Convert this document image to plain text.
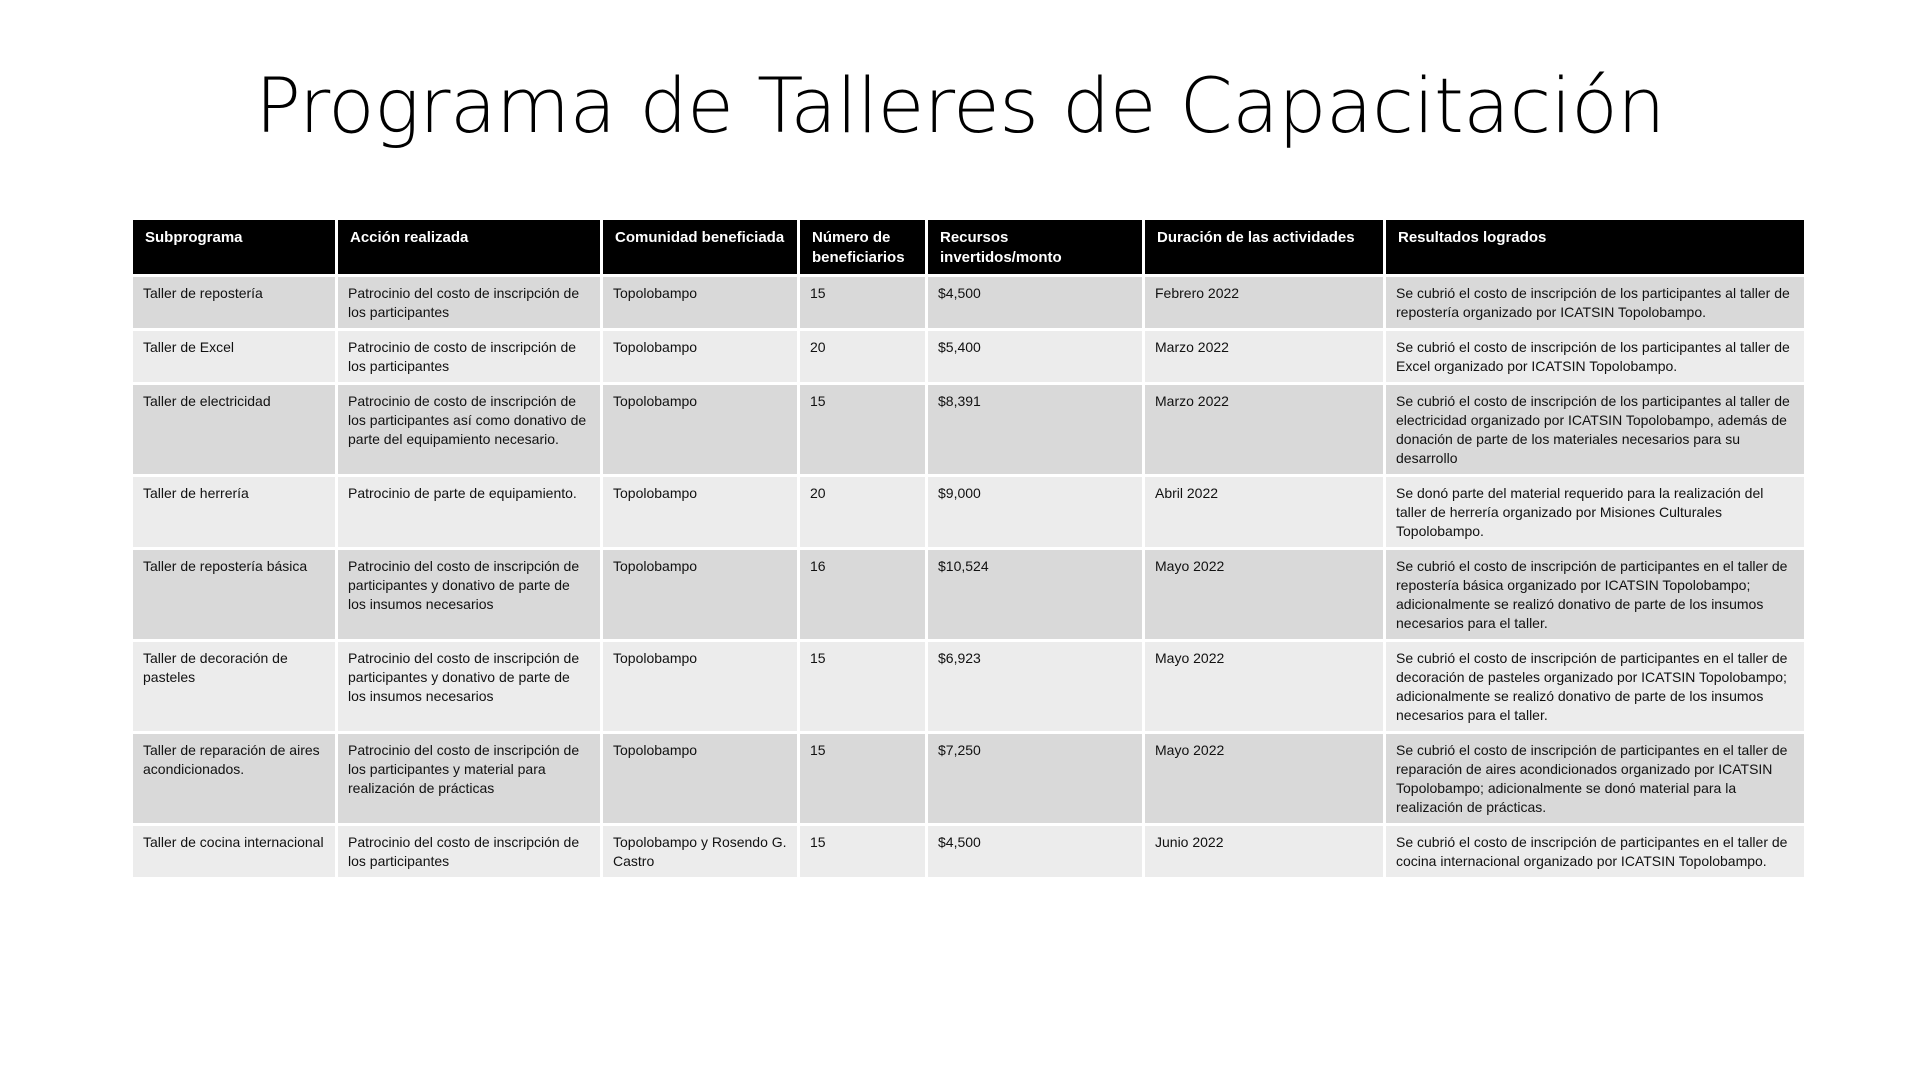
Programa de Talleres de Capacitación
Subprograma	Acción realizada	Comunidad beneficiada	Número de beneficiarios	Recursos invertidos/monto	Duración de las actividades	Resultados logrados
Taller de repostería	Patrocinio del costo de inscripción de los participantes	Topolobampo	15	$4,500	Febrero 2022	Se cubrió el costo de inscripción de los participantes al taller de repostería organizado por ICATSIN Topolobampo.
Taller de Excel	Patrocinio de costo de inscripción de los participantes	Topolobampo	20	$5,400	Marzo 2022	Se cubrió el costo de inscripción de los participantes al taller de Excel organizado por ICATSIN Topolobampo.
Taller de electricidad	Patrocinio de costo de inscripción de los participantes así como donativo de parte del equipamiento necesario.	Topolobampo	15	$8,391	Marzo 2022	Se cubrió el costo de inscripción de los participantes al taller de electricidad organizado por ICATSIN Topolobampo, además de donación de parte de los materiales necesarios para su desarrollo
Taller de herrería	Patrocinio de parte de equipamiento.	Topolobampo	20	$9,000	Abril 2022	Se donó parte del material requerido para la realización del taller de herrería organizado por Misiones Culturales Topolobampo.
Taller de repostería básica	Patrocinio del costo de inscripción de participantes y donativo de parte de los insumos necesarios	Topolobampo	16	$10,524	Mayo 2022	Se cubrió el costo de inscripción de participantes en el taller de repostería básica organizado por ICATSIN Topolobampo; adicionalmente se realizó donativo de parte de los insumos necesarios para el taller.
Taller de decoración de pasteles	Patrocinio del costo de inscripción de participantes y donativo de parte de los insumos necesarios	Topolobampo	15	$6,923	Mayo 2022	Se cubrió el costo de inscripción de participantes en el taller de decoración de pasteles organizado por ICATSIN Topolobampo; adicionalmente se realizó donativo de parte de los insumos necesarios para el taller.
Taller de reparación de aires acondicionados.	Patrocinio del costo de inscripción de los participantes y material para realización de prácticas	Topolobampo	15	$7,250	Mayo 2022	Se cubrió el costo de inscripción de participantes en el taller de reparación de aires acondicionados organizado por ICATSIN Topolobampo; adicionalmente se donó material para la realización de prácticas.
Taller de cocina internacional	Patrocinio del costo de inscripción de los participantes	Topolobampo y Rosendo G. Castro	15	$4,500	Junio 2022	Se cubrió el costo de inscripción de participantes en el taller de cocina internacional organizado por ICATSIN Topolobampo.
